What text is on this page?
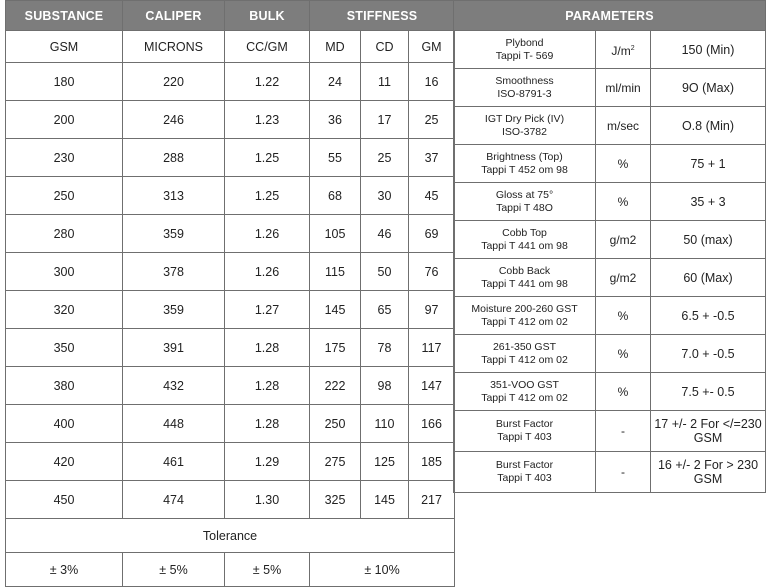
SUBSTANCE	CALIPER	BULK	STIFFNESS		
GSM	MICRONS	CC/GM	MD	CD	GM
180	220	1.22	24	11	16
200	246	1.23	36	17	25
230	288	1.25	55	25	37
250	313	1.25	68	30	45
280	359	1.26	105	46	69
300	378	1.26	115	50	76
320	359	1.27	145	65	97
350	391	1.28	175	78	117
380	432	1.28	222	98	147
400	448	1.28	250	110	166
420	461	1.29	275	125	185
450	474	1.30	325	145	217
Tolerance					
± 3%	± 5%	± 5%	± 10%		
PARAMETERS		

Plybond
Tappi T- 569	$J/m^2$	150 (Min)

Smoothness
ISO-8791-3	ml/min	9O (Max)

IGT Dry Pick (IV)
ISO-3782	m/sec	O.8 (Min)

Brightness (Top)
Tappi T 452 om 98	%	75 + 1

Gloss at 75°
Tappi T 48O	%	35 + 3

Cobb Top
Tappi T 441 om 98	g/m2	50 (max)

Cobb Back
Tappi T 441 om 98	g/m2	60 (Max)

Moisture 200-260 GST
Tappi T 412 om 02	%	6.5 + -0.5

261-350 GST
Tappi T 412 om 02	%	7.0 + -0.5

351-VOO GST
Tappi T 412 om 02	%	7.5 +- 0.5

Burst Factor
Tappi T 403	-	17 +/- 2 For </=230 GSM

Burst Factor
Tappi T 403	-	16 +/- 2 For > 230 GSM
